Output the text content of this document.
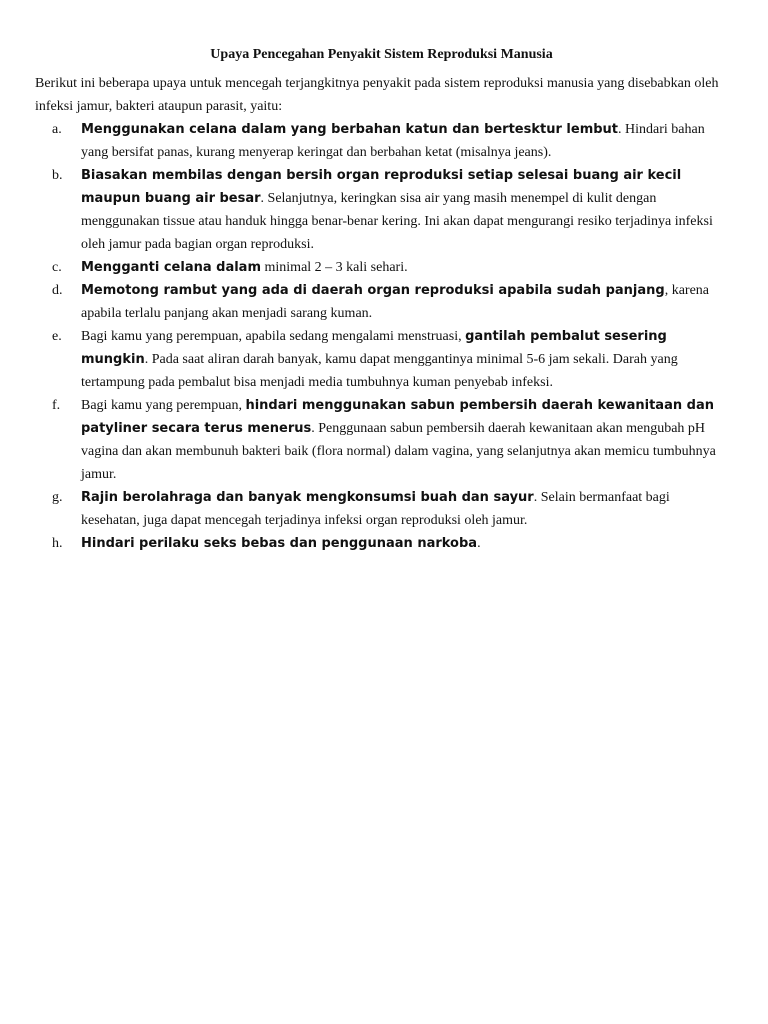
Upaya Pencegahan Penyakit Sistem Reproduksi Manusia

Berikut ini beberapa upaya untuk mencegah terjangkitnya penyakit pada sistem reproduksi manusia yang disebabkan oleh infeksi jamur, bakteri ataupun parasit, yaitu:

a. Menggunakan celana dalam yang berbahan katun dan bertesktur lembut. Hindari bahan yang bersifat panas, kurang menyerap keringat dan berbahan ketat (misalnya jeans).
b. Biasakan membilas dengan bersih organ reproduksi setiap selesai buang air kecil maupun buang air besar. Selanjutnya, keringkan sisa air yang masih menempel di kulit dengan menggunakan tissue atau handuk hingga benar-benar kering. Ini akan dapat mengurangi resiko terjadinya infeksi oleh jamur pada bagian organ reproduksi.
c. Mengganti celana dalam minimal 2 – 3 kali sehari.
d. Memotong rambut yang ada di daerah organ reproduksi apabila sudah panjang, karena apabila terlalu panjang akan menjadi sarang kuman.
e. Bagi kamu yang perempuan, apabila sedang mengalami menstruasi, gantilah pembalut sesering mungkin. Pada saat aliran darah banyak, kamu dapat menggantinya minimal 5-6 jam sekali. Darah yang tertampung pada pembalut bisa menjadi media tumbuhnya kuman penyebab infeksi.
f. Bagi kamu yang perempuan, hindari menggunakan sabun pembersih daerah kewanitaan dan patyliner secara terus menerus. Penggunaan sabun pembersih daerah kewanitaan akan mengubah pH vagina dan akan membunuh bakteri baik (flora normal) dalam vagina, yang selanjutnya akan memicu tumbuhnya jamur.
g. Rajin berolahraga dan banyak mengkonsumsi buah dan sayur. Selain bermanfaat bagi kesehatan, juga dapat mencegah terjadinya infeksi organ reproduksi oleh jamur.
h. Hindari perilaku seks bebas dan penggunaan narkoba.
